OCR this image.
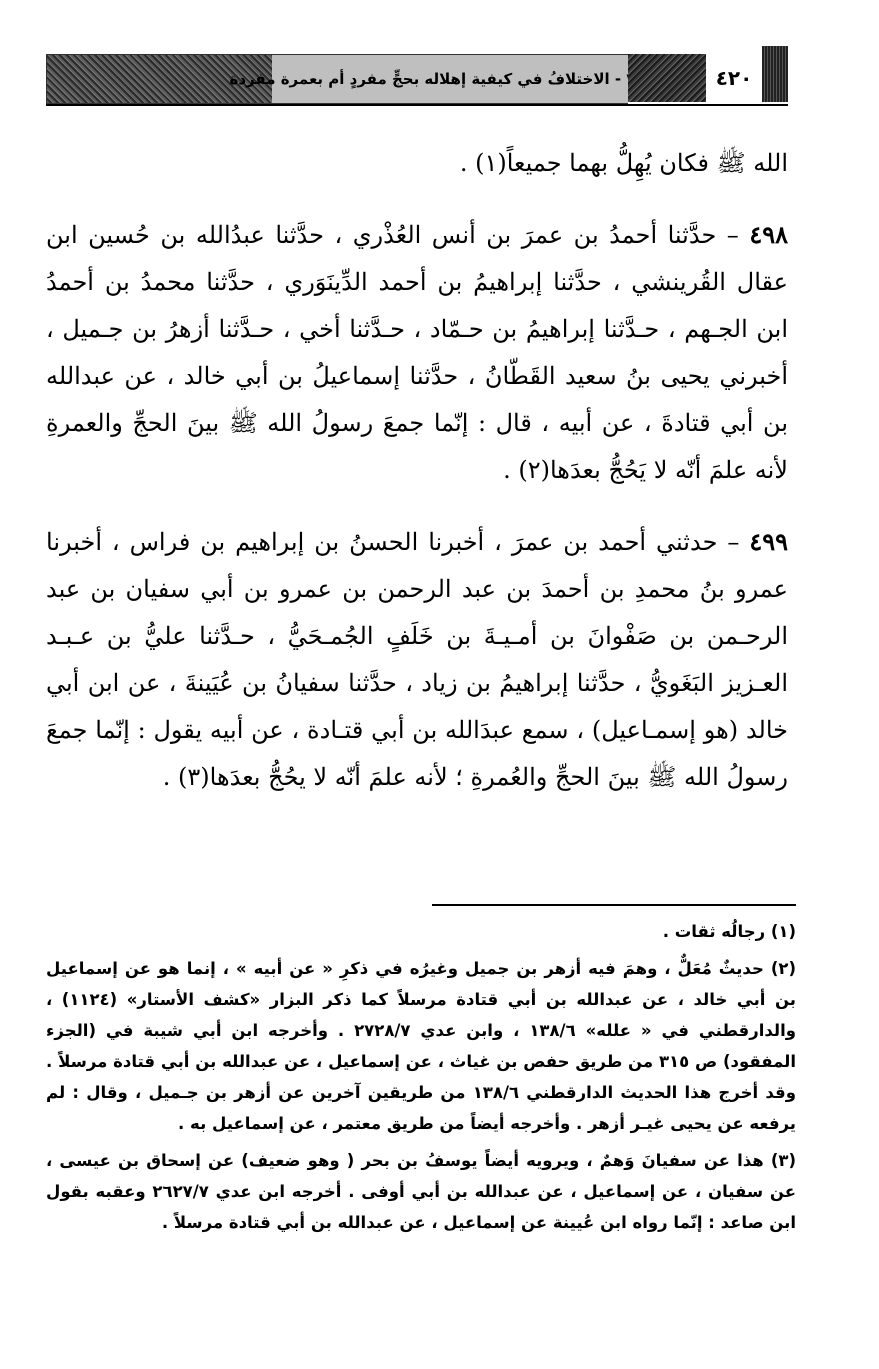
- الاختلافُ في كيفية إهلاله بحجٍّ مفردٍ أم بعمرة مفردة	٤٢٠

الله ﷺ فكان يُهِلُّ بهما جميعاً(١) .

٤٩٨ – حدَّثنا أحمدُ بن عمرَ بن أنس العُذْري ، حدَّثنا عبدُالله بن حُسين ابن عقال القُرينشي ، حدَّثنا إبراهيمُ بن أحمد الدِّينَوَري ، حدَّثنا محمدُ بن أحمدُ ابن الجـهم ، حـدَّثنا إبراهيمُ بن حـمّاد ، حـدَّثنا أخي ، حـدَّثنا أزهرُ بن جـميل ، أخبرني يحيى بنُ سعيد القَطّانُ ، حدَّثنا إسماعيلُ بن أبي خالد ، عن عبدالله بن أبي قتادةَ ، عن أبيه ، قال : إنّما جمعَ رسولُ الله ﷺ بينَ الحجِّ والعمرةِ لأنه علمَ أنّه لا يَحُجُّ بعدَها(٢) .

٤٩٩ – حدثني أحمد بن عمرَ ، أخبرنا الحسنُ بن إبراهيم بن فراس ، أخبرنا عمرو بنُ محمدِ بن أحمدَ بن عبد الرحمن بن عمرو بن أبي سفيان بن عبد الرحـمن بن صَفْوانَ بن أمـيـةَ بن خَلَفٍ الجُمـحَيُّ ، حـدَّثنا عليُّ بن عـبـد العـزيز البَغَويُّ ، حدَّثنا إبراهيمُ بن زياد ، حدَّثنا سفيانُ بن عُيَينةَ ، عن ابن أبي خالد (هو إسمـاعيل) ، سمع عبدَالله بن أبي قتـادة ، عن أبيه يقول : إنّما جمعَ رسولُ الله ﷺ بينَ الحجِّ والعُمرةِ ؛ لأنه علمَ أنّه لا يحُجُّ بعدَها(٣) .

(١) رجالُه ثقات .

(٢) حديثٌ مُعَلٌّ ، وهمَ فيه أزهر بن جميل وغيرُه في ذكرِ « عن أبيه » ، إنما هو عن إسماعيل بن أبي خالد ، عن عبدالله بن أبي قتادة مرسلاً كما ذكر البزار «كشف الأستار» (١١٢٤) ، والدارقطني في « علله» ١٣٨/٦ ، وابن عدي ٢٧٢٨/٧ . وأخرجه ابن أبي شيبة في (الجزء المفقود) ص ٣١٥ من طريق حفص بن غياث ، عن إسماعيل ، عن عبدالله بن أبي قتادة مرسلاً . وقد أخرج هذا الحديث الدارقطني ١٣٨/٦ من طريقين آخرين عن أزهر بن جـميل ، وقال : لم يرفعه عن يحيى غيـر أزهر . وأخرجه أيضاً من طريق معتمر ، عن إسماعيل به .

(٣) هذا عن سفيانَ وَهمٌ ، ويرويه أيضاً يوسفُ بن بحر ( وهو ضعيف) عن إسحاق بن عيسى ، عن سفيان ، عن إسماعيل ، عن عبدالله بن أبي أوفى . أخرجه ابن عدي ٢٦٢٧/٧ وعقبه بقول ابن صاعد : إنّما رواه ابن عُيينة عن إسماعيل ، عن عبدالله بن أبي قتادة مرسلاً .
